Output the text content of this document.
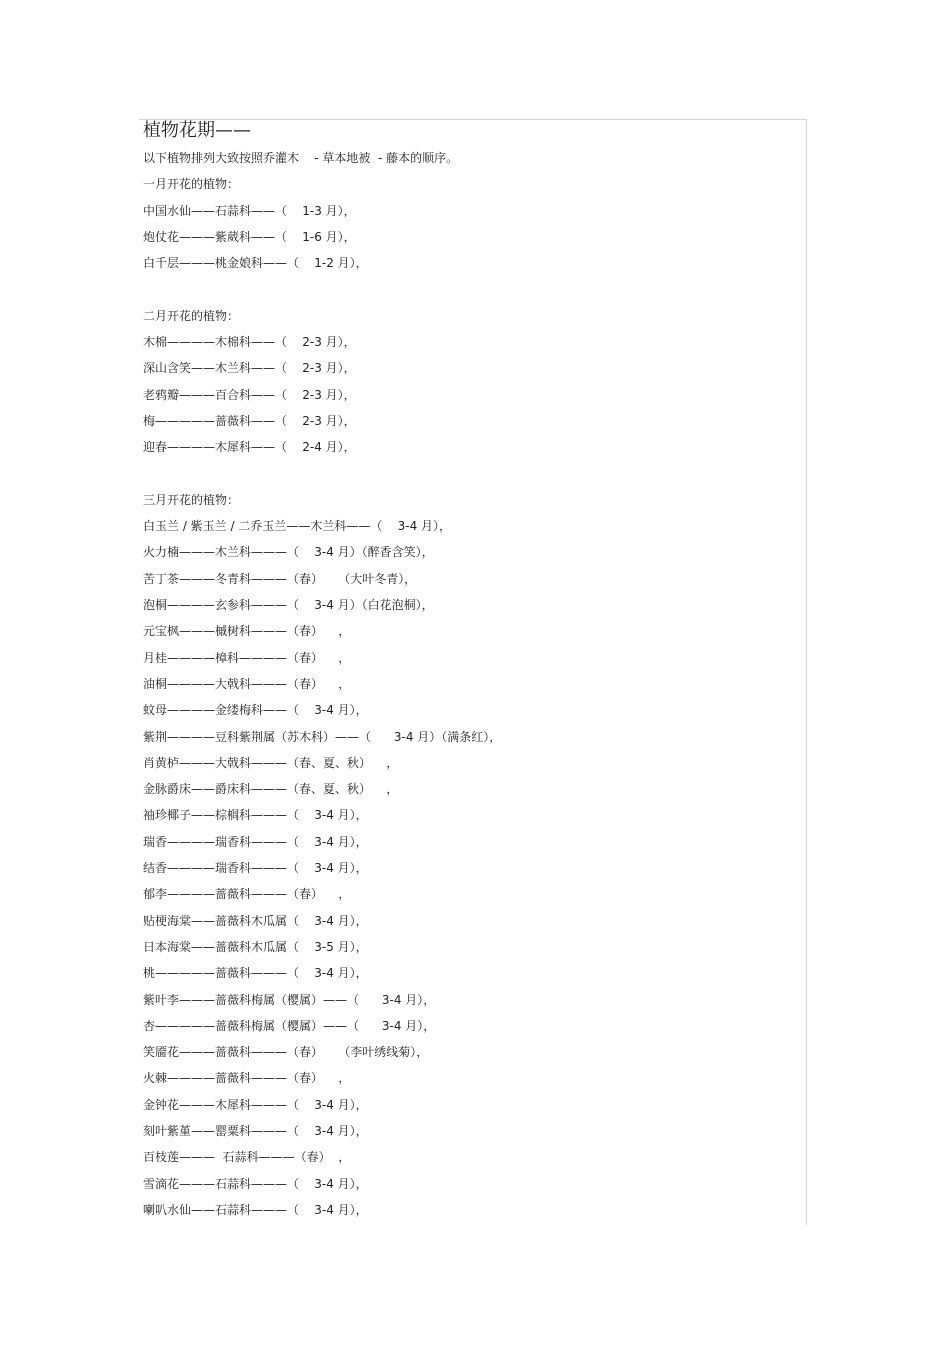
植物花期——
以下植物排列大致按照乔灌木    - 草本地被  - 藤本的顺序。
一月开花的植物：
中国水仙——石蒜科——（    1-3 月），
炮仗花———紫葳科——（    1-6 月），
白千层———桃金娘科——（    1-2 月），
二月开花的植物：
木棉————木棉科——（    2-3 月），
深山含笑——木兰科——（    2-3 月），
老鸦瓣———百合科——（    2-3 月），
梅—————蔷薇科——（    2-3 月），
迎春————木犀科——（    2-4 月），
三月开花的植物：
白玉兰 / 紫玉兰 / 二乔玉兰——木兰科——（    3-4 月），
火力楠———木兰科———（    3-4 月）（醉香含笑），
苦丁茶———冬青科———（春）    （大叶冬青），
泡桐————玄参科———（    3-4 月）（白花泡桐），
元宝枫———槭树科———（春）    ，
月桂————樟科————（春）    ，
油桐————大戟科———（春）    ，
蚊母————金缕梅科——（    3-4 月），
紫荆————豆科紫荆属（苏木科）——（      3-4 月）（满条红），
肖黄栌———大戟科———（春、夏、秋）    ，
金脉爵床——爵床科———（春、夏、秋）    ，
袖珍椰子——棕榈科———（    3-4 月），
瑞香————瑞香科———（    3-4 月），
结香————瑞香科———（    3-4 月），
郁李————蔷薇科———（春）    ，
贴梗海棠——蔷薇科木瓜属（    3-4 月），
日本海棠——蔷薇科木瓜属（    3-5 月），
桃—————蔷薇科———（    3-4 月），
紫叶李———蔷薇科梅属（樱属）——（      3-4 月），
杏—————蔷薇科梅属（樱属）——（      3-4 月），
笑靥花———蔷薇科———（春）    （李叶绣线菊），
火棘————蔷薇科———（春）    ，
金钟花———木犀科———（    3-4 月），
刻叶紫堇——罂粟科———（    3-4 月），
百枝莲———  石蒜科———（春）  ，
雪滴花———石蒜科———（    3-4 月），
喇叭水仙——石蒜科———（    3-4 月），
